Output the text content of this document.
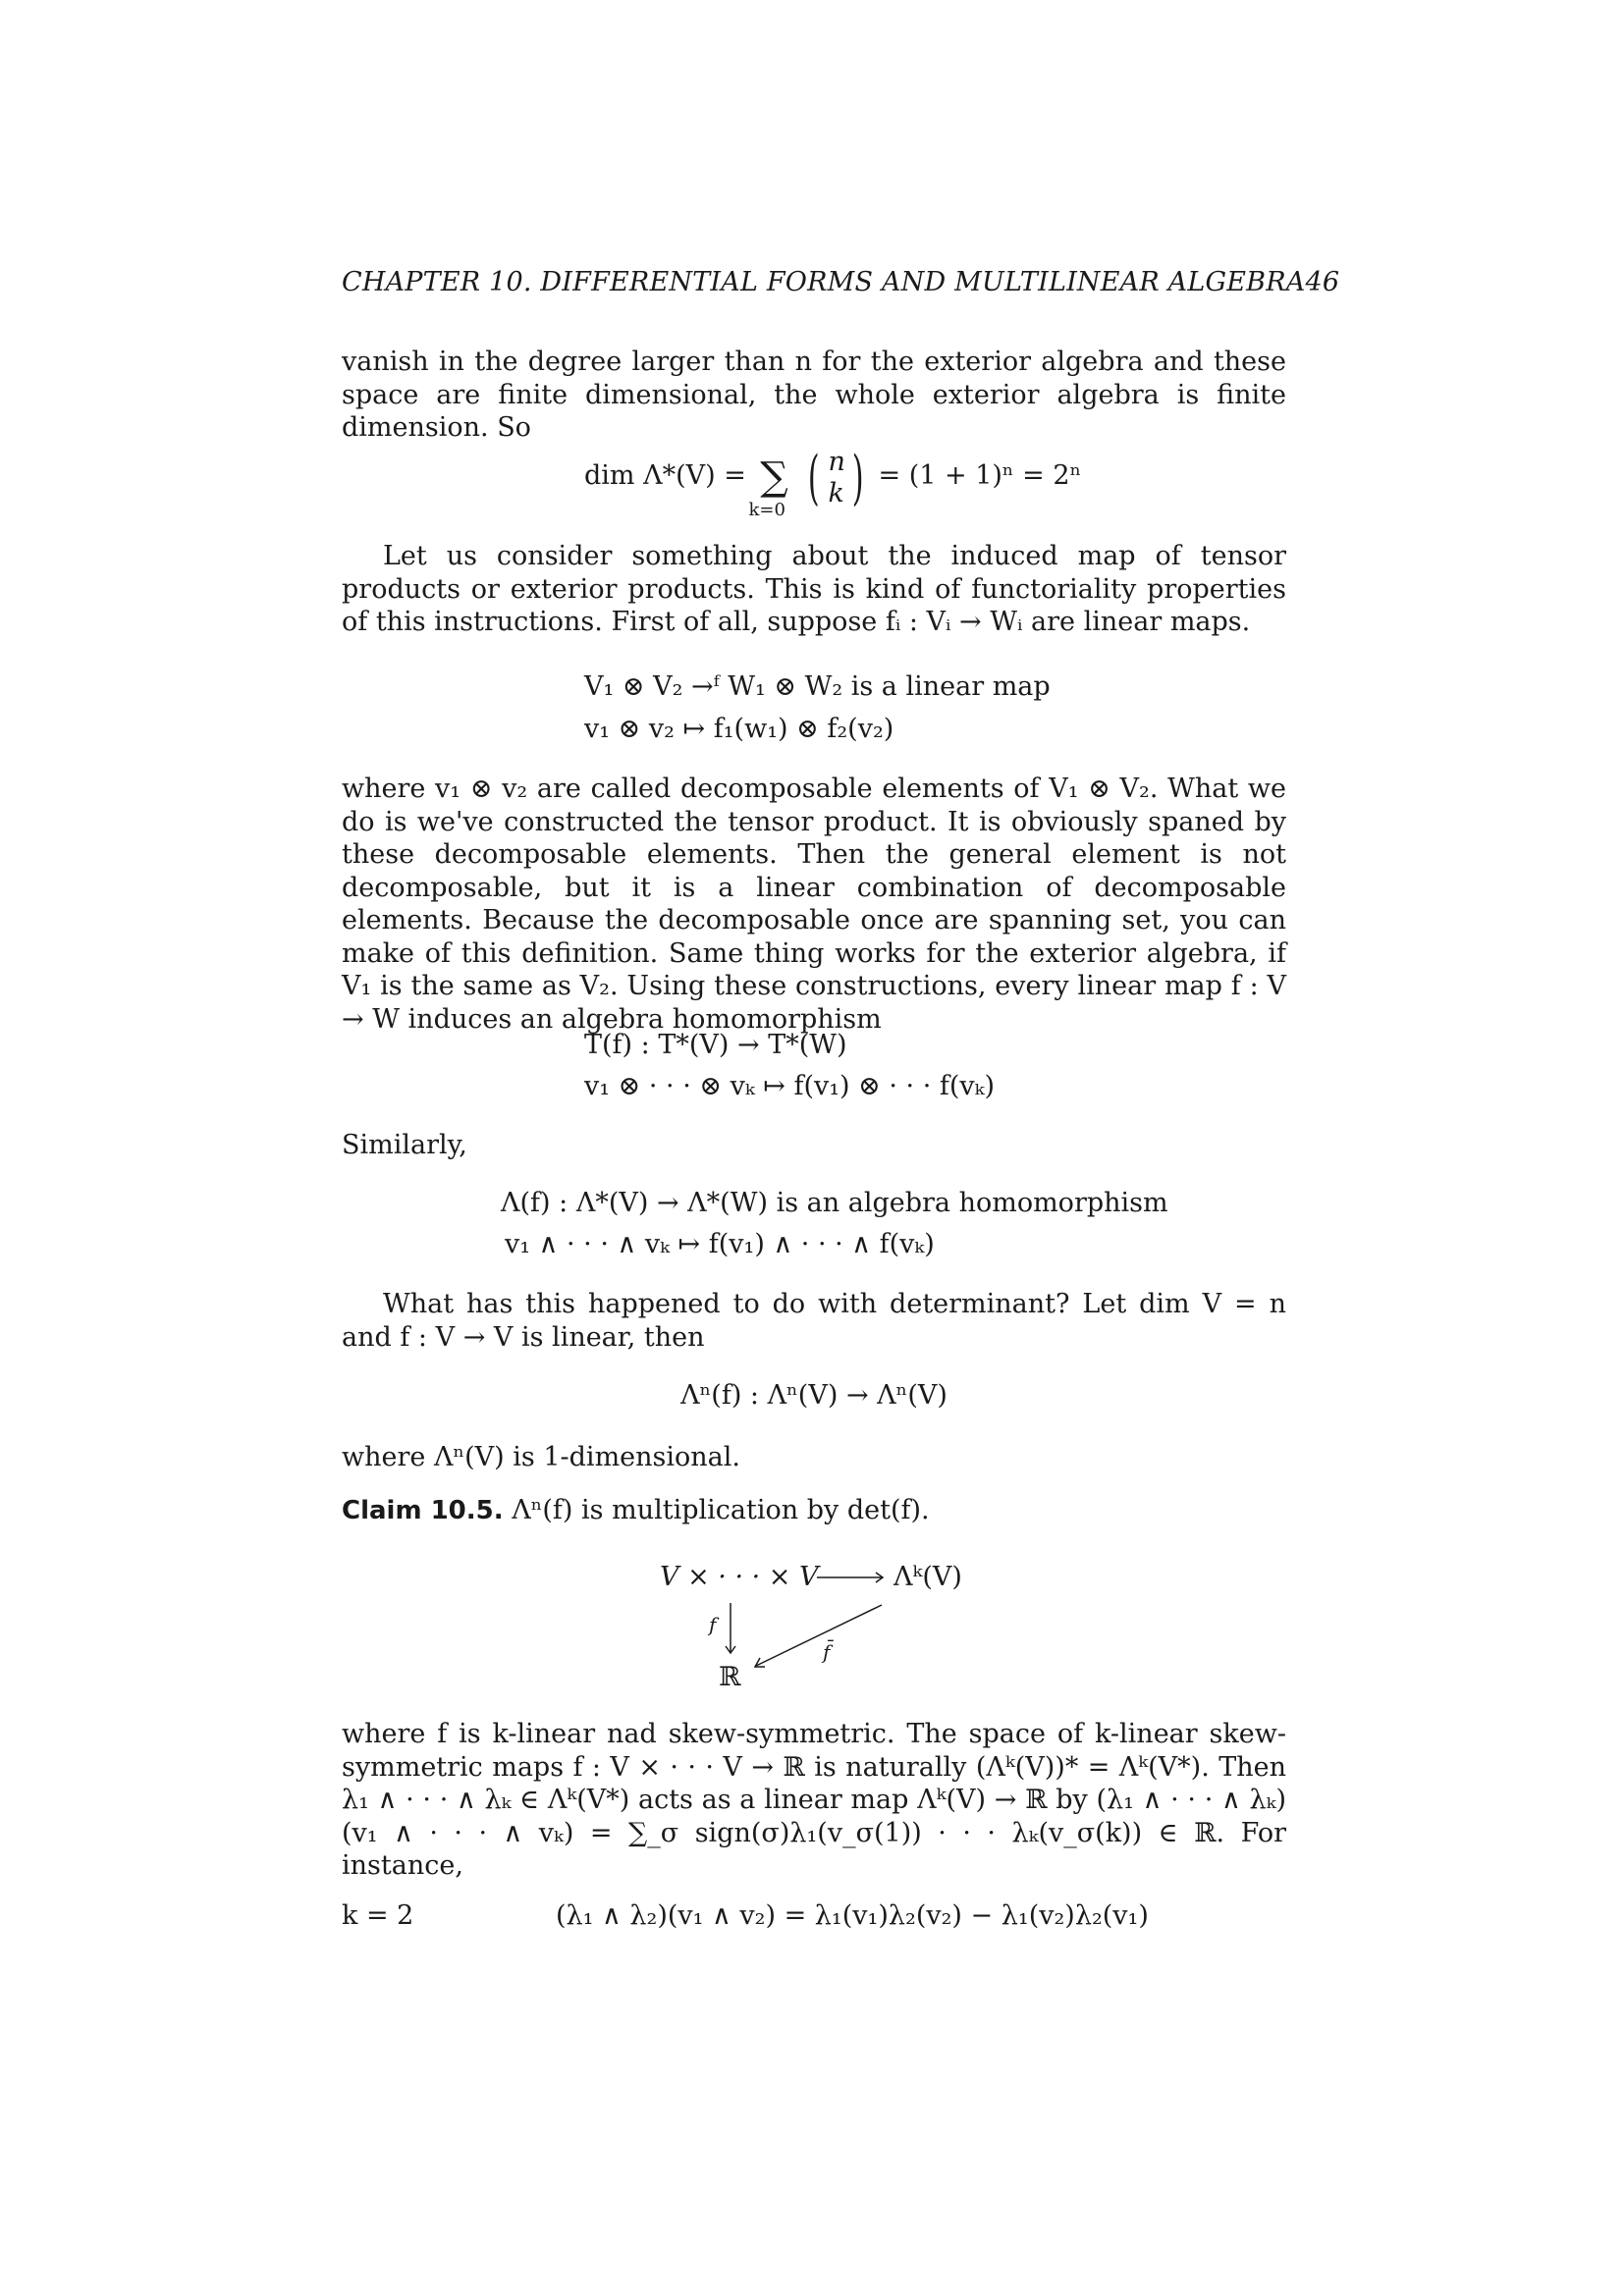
CHAPTER 10. DIFFERENTIAL FORMS AND MULTILINEAR ALGEBRA46
vanish in the degree larger than n for the exterior algebra and these space are finite dimensional, the whole exterior algebra is finite dimension. So
dim Λ*(V) = ∑
k=0 ( n
k ) = (1 + 1)ⁿ = 2ⁿ
Let us consider something about the induced map of tensor products or exterior products. This is kind of functoriality properties of this instructions. First of all, suppose fᵢ : Vᵢ → Wᵢ are linear maps.
V₁ ⊗ V₂ →ᶠ W₁ ⊗ W₂ is a linear map
v₁ ⊗ v₂ ↦ f₁(w₁) ⊗ f₂(v₂)
where v₁ ⊗ v₂ are called decomposable elements of V₁ ⊗ V₂. What we do is we've constructed the tensor product. It is obviously spaned by these decomposable elements. Then the general element is not decomposable, but it is a linear combination of decomposable elements. Because the decomposable once are spanning set, you can make of this definition. Same thing works for the exterior algebra, if V₁ is the same as V₂. Using these constructions, every linear map f : V → W induces an algebra homomorphism
T(f) : T*(V) → T*(W)
v₁ ⊗ · · · ⊗ vₖ ↦ f(v₁) ⊗ · · · f(vₖ)
Similarly,
Λ(f) : Λ*(V) → Λ*(W) is an algebra homomorphism
v₁ ∧ · · · ∧ vₖ ↦ f(v₁) ∧ · · · ∧ f(vₖ)
What has this happened to do with determinant? Let dim V = n and f : V → V is linear, then
Λⁿ(f) : Λⁿ(V) → Λⁿ(V)
where Λⁿ(V) is 1-dimensional.
Claim 10.5. Λⁿ(f) is multiplication by det(f).
V × · · · × V	Λᵏ(V)
ℝ
f
f̄
where f is k-linear nad skew-symmetric. The space of k-linear skew-symmetric maps f : V × · · · V → ℝ is naturally (Λᵏ(V))* = Λᵏ(V*). Then λ₁ ∧ · · · ∧ λₖ ∈ Λᵏ(V*) acts as a linear map Λᵏ(V) → ℝ by (λ₁ ∧ · · · ∧ λₖ)(v₁ ∧ · · · ∧ vₖ) = ∑_σ sign(σ)λ₁(v_σ(1)) · · · λₖ(v_σ(k)) ∈ ℝ. For instance,
k = 2	(λ₁ ∧ λ₂)(v₁ ∧ v₂) = λ₁(v₁)λ₂(v₂) − λ₁(v₂)λ₂(v₁)
